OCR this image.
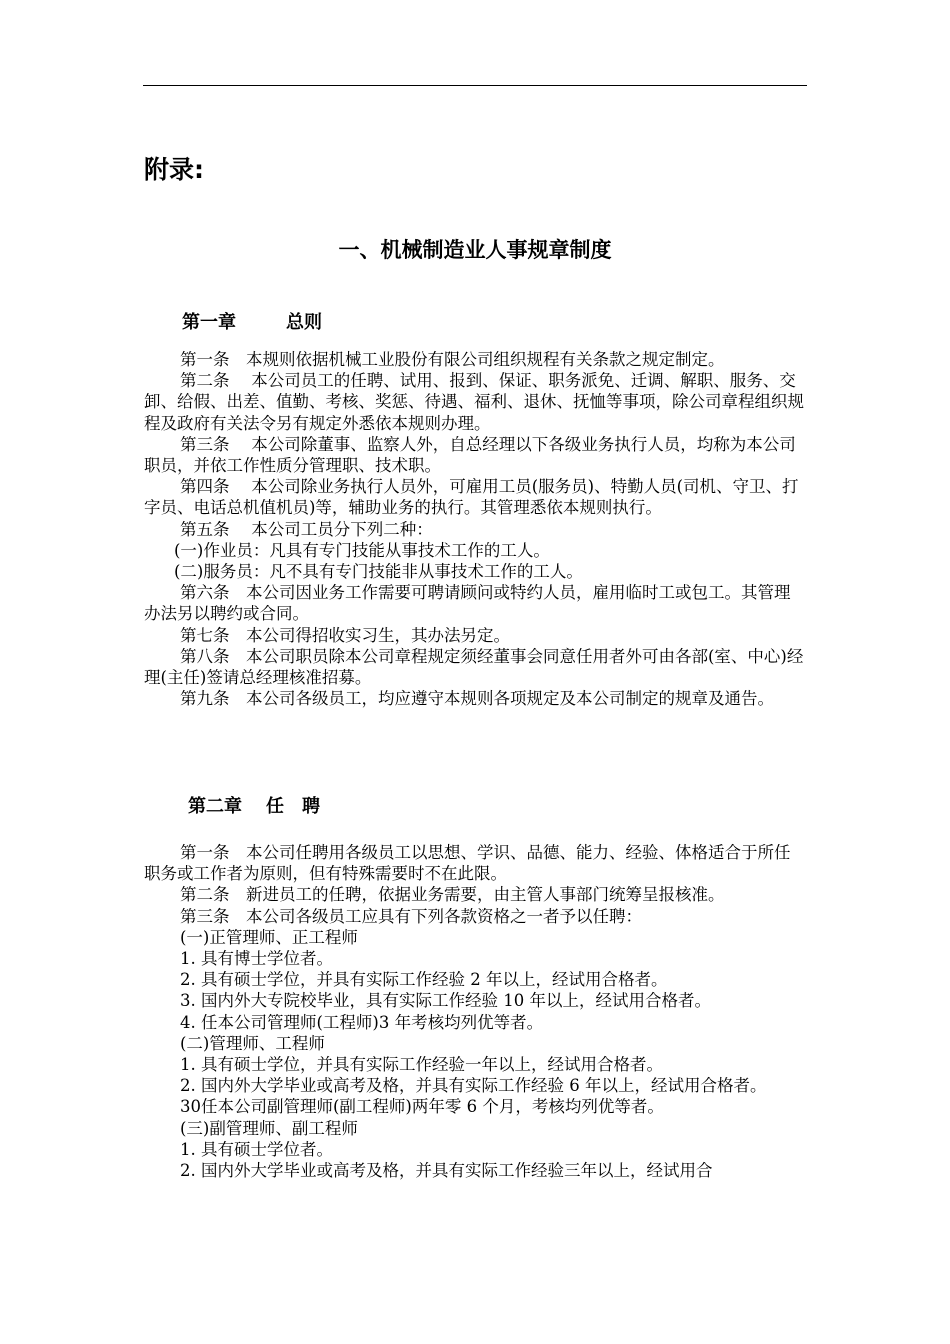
附录:
一、机械制造业人事规章制度
第一章	总则

第一条　本规则依据机械工业股份有限公司组织规程有关条款之规定制定。

第二条　 本公司员工的任聘、试用、报到、保证、职务派免、迁调、解职、服务、交卸、给假、出差、值勤、考核、奖惩、待遇、福利、退休、抚恤等事项，除公司章程组织规程及政府有关法令另有规定外悉依本规则办理。

第三条　 本公司除董事、监察人外，自总经理以下各级业务执行人员，均称为本公司职员，并依工作性质分管理职、技术职。

第四条　 本公司除业务执行人员外，可雇用工员(服务员)、特勤人员(司机、守卫、打字员、电话总机值机员)等，辅助业务的执行。其管理悉依本规则执行。

第五条　 本公司工员分下列二种：

(一)作业员：凡具有专门技能从事技术工作的工人。

(二)服务员：凡不具有专门技能非从事技术工作的工人。

第六条　本公司因业务工作需要可聘请顾问或特约人员，雇用临时工或包工。其管理办法另以聘约或合同。

第七条　本公司得招收实习生，其办法另定。

第八条　本公司职员除本公司章程规定须经董事会同意任用者外可由各部(室、中心)经理(主任)签请总经理核准招募。

第九条　本公司各级员工，均应遵守本规则各项规定及本公司制定的规章及通告。

第二章 任　聘

第一条　本公司任聘用各级员工以思想、学识、品德、能力、经验、体格适合于所任职务或工作者为原则，但有特殊需要时不在此限。

第二条　新进员工的任聘，依据业务需要，由主管人事部门统筹呈报核准。

第三条　本公司各级员工应具有下列各款资格之一者予以任聘：

(一)正管理师、正工程师

1. 具有博士学位者。

2. 具有硕士学位，并具有实际工作经验 2 年以上，经试用合格者。

3. 国内外大专院校毕业，具有实际工作经验 10 年以上，经试用合格者。

4. 任本公司管理师(工程师)3 年考核均列优等者。

(二)管理师、工程师

1. 具有硕士学位，并具有实际工作经验一年以上，经试用合格者。

2. 国内外大学毕业或高考及格，并具有实际工作经验 6 年以上，经试用合格者。

30任本公司副管理师(副工程师)两年零 6 个月，考核均列优等者。

(三)副管理师、副工程师

1. 具有硕士学位者。

2. 国内外大学毕业或高考及格，并具有实际工作经验三年以上，经试用合
